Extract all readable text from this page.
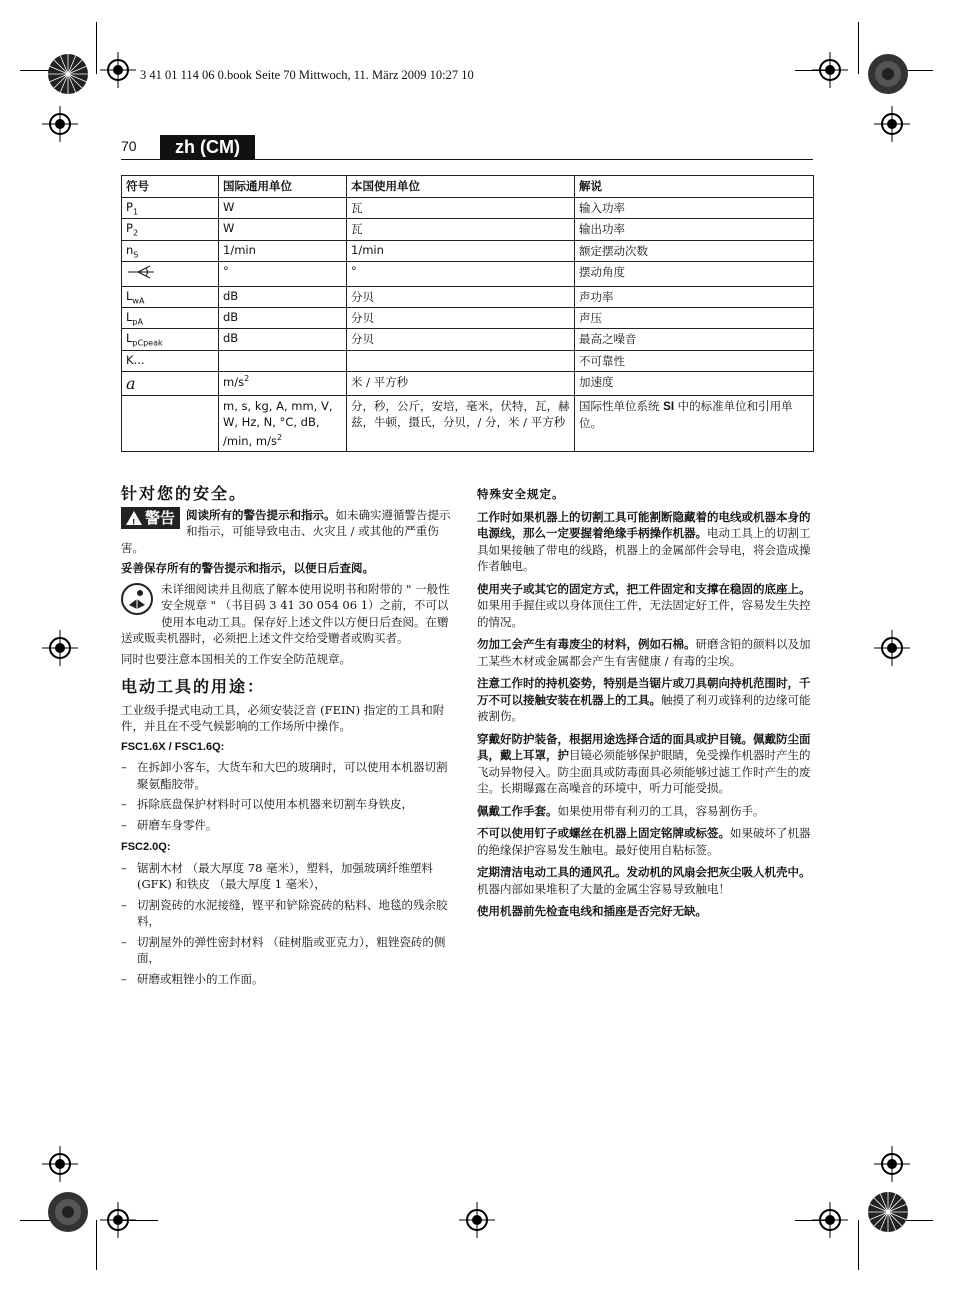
3 41 01 114 06 0.book Seite 70 Mittwoch, 11. März 2009 10:27 10
70	zh (CM)
符号	国际通用单位	本国使用单位	解说
$P_1$	W	瓦	输入功率
$P_2$	W	瓦	输出功率
$n_S$	1/min	1/min	额定摆动次数
	°	°	摆动角度
$L_{wA}$	dB	分贝	声功率
$L_{pA}$	dB	分贝	声压
$L_{pCpeak}$	dB	分贝	最高之噪音
K...			不可靠性
a	$m/s^2$	米 / 平方秒	加速度
	m, s, kg, A, mm, V, W, Hz, N, °C, dB, /min, $m/s^2$	分，秒，公斤，安培，毫米，伏特，瓦，赫兹，牛顿，摄氏，分贝，/ 分，米 / 平方秒	国际性单位系统 SI 中的标准单位和引用单位。
针对您的安全。
! 警告 阅读所有的警告提示和指示。如未确实遵循警告提示和指示，可能导致电击、火灾且 / 或其他的严重伤害。
妥善保存所有的警告提示和指示，以便日后查阅。
未详细阅读并且彻底了解本使用说明书和附带的 " 一般性安全规章 " （书目码 3 41 30 054 06 1）之前，不可以使用本电动工具。保存好上述文件以方便日后查阅。在赠送或贩卖机器时，必须把上述文件交给受赠者或购买者。
同时也要注意本国相关的工作安全防范规章。
电动工具的用途：
工业级手提式电动工具，必须安装泛音 (FEIN) 指定的工具和附件，并且在不受气候影响的工作场所中操作。
FSC1.6X / FSC1.6Q:
– 在拆卸小客车，大货车和大巴的玻璃时，可以使用本机器切割聚氨酯胶带。
– 拆除底盘保护材料时可以使用本机器来切割车身铁皮，
– 研磨车身零件。
FSC2.0Q:
– 锯割木材 （最大厚度 78 毫米），塑料，加强玻璃纤维塑料 (GFK) 和铁皮 （最大厚度 1 毫米），
– 切割瓷砖的水泥接缝，铿平和铲除瓷砖的粘料、地毯的残余胶料，
– 切割屋外的弹性密封材料 （硅树脂或亚克力），粗锉瓷砖的侧面，
– 研磨或粗锉小的工作面。
特殊安全规定。
工作时如果机器上的切割工具可能割断隐藏着的电线或机器本身的电源线，那么一定要握着绝缘手柄操作机器。电动工具上的切割工具如果接触了带电的线路，机器上的金属部件会导电，将会造成操作者触电。
使用夹子或其它的固定方式，把工件固定和支撑在稳固的底座上。如果用手握住或以身体顶住工件，无法固定好工件，容易发生失控的情况。
勿加工会产生有毒废尘的材料，例如石棉。研磨含铅的颜料以及加工某些木材或金属都会产生有害健康 / 有毒的尘埃。
注意工作时的持机姿势，特别是当锯片或刀具朝向持机范围时，千万不可以接触安装在机器上的工具。触摸了利刃或锋利的边缘可能被割伤。
穿戴好防护装备，根据用途选择合适的面具或护目镜。佩戴防尘面具，戴上耳罩，护目镜必须能够保护眼睛，免受操作机器时产生的飞动异物侵入。防尘面具或防毒面具必须能够过滤工作时产生的废尘。长期曝露在高噪音的环境中，听力可能受损。
佩戴工作手套。如果使用带有利刃的工具，容易割伤手。
不可以使用钉子或螺丝在机器上固定铭牌或标签。如果破坏了机器的绝缘保护容易发生触电。最好使用自粘标签。
定期清洁电动工具的通风孔。发动机的风扇会把灰尘吸人机壳中。机器内部如果堆积了大量的金属尘容易导致触电！
使用机器前先检查电线和插座是否完好无缺。
